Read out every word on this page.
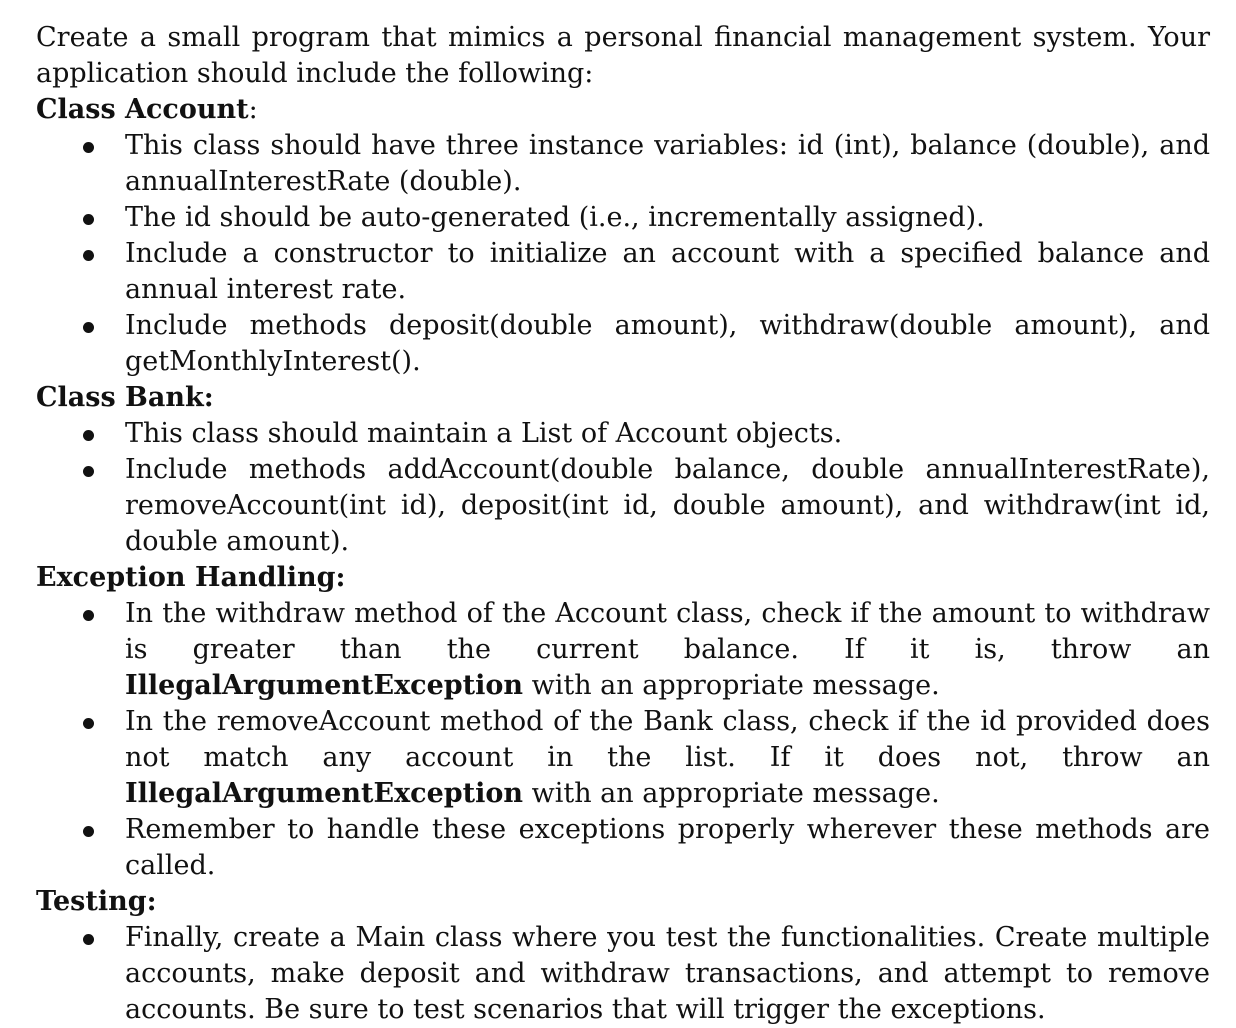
Create a small program that mimics a personal financial management system. Your application should include the following:

Class Account:

This class should have three instance variables: id (int), balance (double), and annualInterestRate (double).
The id should be auto-generated (i.e., incrementally assigned).
Include a constructor to initialize an account with a specified balance and annual interest rate.
Include methods deposit(double amount), withdraw(double amount), and getMonthlyInterest().

Class Bank:

This class should maintain a List of Account objects.
Include methods addAccount(double balance, double annualInterestRate), removeAccount(int id), deposit(int id, double amount), and withdraw(int id, double amount).

Exception Handling:

In the withdraw method of the Account class, check if the amount to withdraw is greater than the current balance. If it is, throw an IllegalArgumentException with an appropriate message.
In the removeAccount method of the Bank class, check if the id provided does not match any account in the list. If it does not, throw an IllegalArgumentException with an appropriate message.
Remember to handle these exceptions properly wherever these methods are called.

Testing:

Finally, create a Main class where you test the functionalities. Create multiple accounts, make deposit and withdraw transactions, and attempt to remove accounts. Be sure to test scenarios that will trigger the exceptions.
